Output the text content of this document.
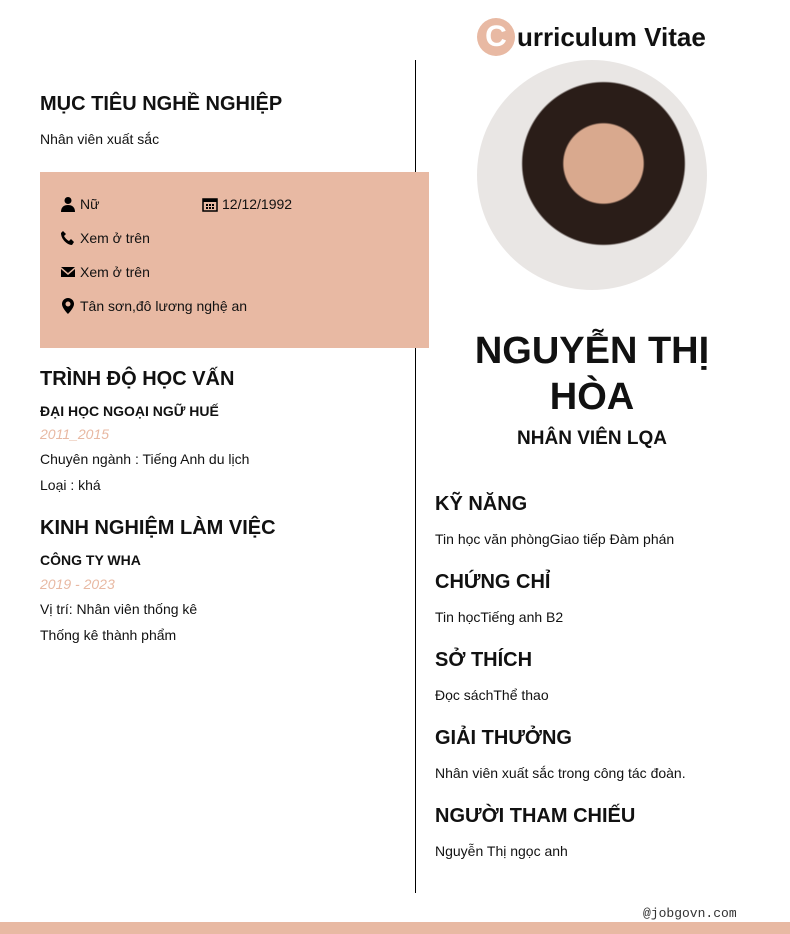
C urriculum Vitae
MỤC TIÊU NGHỀ NGHIỆP
Nhân viên xuất sắc
Nữ	12/12/1992
Xem ở trên
Xem ở trên
Tân sơn,đô lương nghệ an
TRÌNH ĐỘ HỌC VẤN
ĐẠI HỌC NGOẠI NGỮ HUẾ
2011_2015
Chuyên ngành : Tiếng Anh du lịch
Loại : khá
KINH NGHIỆM LÀM VIỆC
CÔNG TY WHA
2019 - 2023
Vị trí: Nhân viên thống kê
Thống kê thành phẩm
NGUYỄN THỊ HÒA
NHÂN VIÊN LQA
KỸ NĂNG
Tin học văn phòngGiao tiếp Đàm phán
CHỨNG CHỈ
Tin họcTiếng anh B2
SỞ THÍCH
Đọc sáchThể thao
GIẢI THƯỞNG
Nhân viên xuất sắc trong công tác đoàn.
NGƯỜI THAM CHIẾU
Nguyễn Thị ngọc anh
@jobgovn.com
